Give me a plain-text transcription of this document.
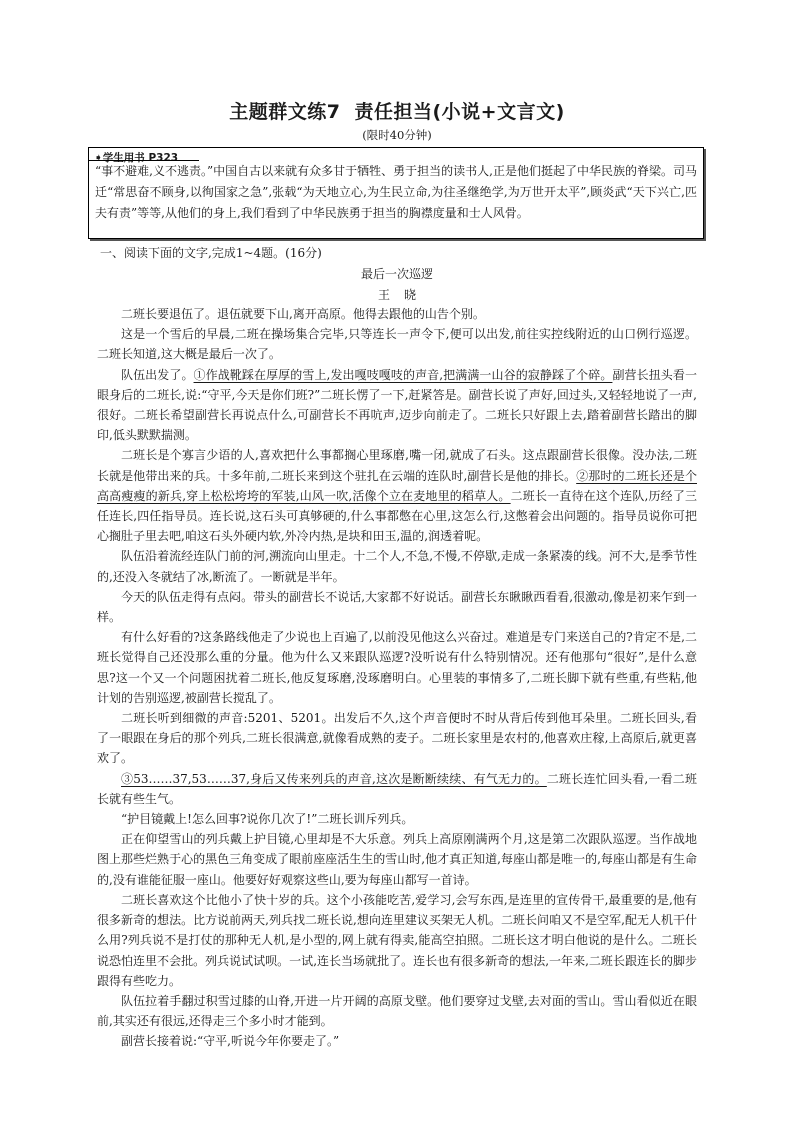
主题群文练7 责任担当(小说+文言文)
(限时40分钟)
➧学生用书 P323
“事不避难,义不逃责。”中国自古以来就有众多甘于牺牲、勇于担当的读书人,正是他们挺起了中华民族的脊梁。司马迁“常思奋不顾身,以徇国家之急”,张载“为天地立心,为生民立命,为往圣继绝学,为万世开太平”,顾炎武“天下兴亡,匹夫有责”等等,从他们的身上,我们看到了中华民族勇于担当的胸襟度量和士人风骨。
一、阅读下面的文字,完成1~4题。(16分)
最后一次巡逻
王 晓

二班长要退伍了。退伍就要下山,离开高原。他得去跟他的山告个别。

这是一个雪后的早晨,二班在操场集合完毕,只等连长一声令下,便可以出发,前往实控线附近的山口例行巡逻。二班长知道,这大概是最后一次了。

队伍出发了。①作战靴踩在厚厚的雪上,发出嘎吱嘎吱的声音,把满满一山谷的寂静踩了个碎。副营长扭头看一眼身后的二班长,说:“守平,今天是你们班?”二班长愣了一下,赶紧答是。副营长说了声好,回过头,又轻轻地说了一声,很好。二班长希望副营长再说点什么,可副营长不再吭声,迈步向前走了。二班长只好跟上去,踏着副营长踏出的脚印,低头默默揣测。

二班长是个寡言少语的人,喜欢把什么事都搁心里琢磨,嘴一闭,就成了石头。这点跟副营长很像。没办法,二班长就是他带出来的兵。十多年前,二班长来到这个驻扎在云端的连队时,副营长是他的排长。②那时的二班长还是个高高瘦瘦的新兵,穿上松松垮垮的军装,山风一吹,活像个立在麦地里的稻草人。二班长一直待在这个连队,历经了三任连长,四任指导员。连长说,这石头可真够硬的,什么事都憋在心里,这怎么行,这憋着会出问题的。指导员说你可把心搁肚子里去吧,咱这石头外硬内软,外冷内热,是块和田玉,温的,润透着呢。

队伍沿着流经连队门前的河,溯流向山里走。十二个人,不急,不慢,不停歇,走成一条紧凑的线。河不大,是季节性的,还没入冬就结了冰,断流了。一断就是半年。

今天的队伍走得有点闷。带头的副营长不说话,大家都不好说话。副营长东瞅瞅西看看,很激动,像是初来乍到一样。

有什么好看的?这条路线他走了少说也上百遍了,以前没见他这么兴奋过。难道是专门来送自己的?肯定不是,二班长觉得自己还没那么重的分量。他为什么又来跟队巡逻?没听说有什么特别情况。还有他那句“很好”,是什么意思?这一个又一个问题困扰着二班长,他反复琢磨,没琢磨明白。心里装的事情多了,二班长脚下就有些重,有些粘,他计划的告别巡逻,被副营长搅乱了。

二班长听到细微的声音:5201、5201。出发后不久,这个声音便时不时从背后传到他耳朵里。二班长回头,看了一眼跟在身后的那个列兵,二班长很满意,就像看成熟的麦子。二班长家里是农村的,他喜欢庄稼,上高原后,就更喜欢了。

③53……37,53……37,身后又传来列兵的声音,这次是断断续续、有气无力的。二班长连忙回头看,一看二班长就有些生气。

“护目镜戴上!怎么回事?说你几次了!”二班长训斥列兵。

正在仰望雪山的列兵戴上护目镜,心里却是不大乐意。列兵上高原刚满两个月,这是第二次跟队巡逻。当作战地图上那些烂熟于心的黑色三角变成了眼前座座活生生的雪山时,他才真正知道,每座山都是唯一的,每座山都是有生命的,没有谁能征服一座山。他要好好观察这些山,要为每座山都写一首诗。

二班长喜欢这个比他小了快十岁的兵。这个小孩能吃苦,爱学习,会写东西,是连里的宣传骨干,最重要的是,他有很多新奇的想法。比方说前两天,列兵找二班长说,想向连里建议买架无人机。二班长问咱又不是空军,配无人机干什么用?列兵说不是打仗的那种无人机,是小型的,网上就有得卖,能高空拍照。二班长这才明白他说的是什么。二班长说恐怕连里不会批。列兵说试试呗。一试,连长当场就批了。连长也有很多新奇的想法,一年来,二班长跟连长的脚步跟得有些吃力。

队伍拉着手翻过积雪过膝的山脊,开进一片开阔的高原戈壁。他们要穿过戈壁,去对面的雪山。雪山看似近在眼前,其实还有很远,还得走三个多小时才能到。

副营长接着说:“守平,听说今年你要走了。”
